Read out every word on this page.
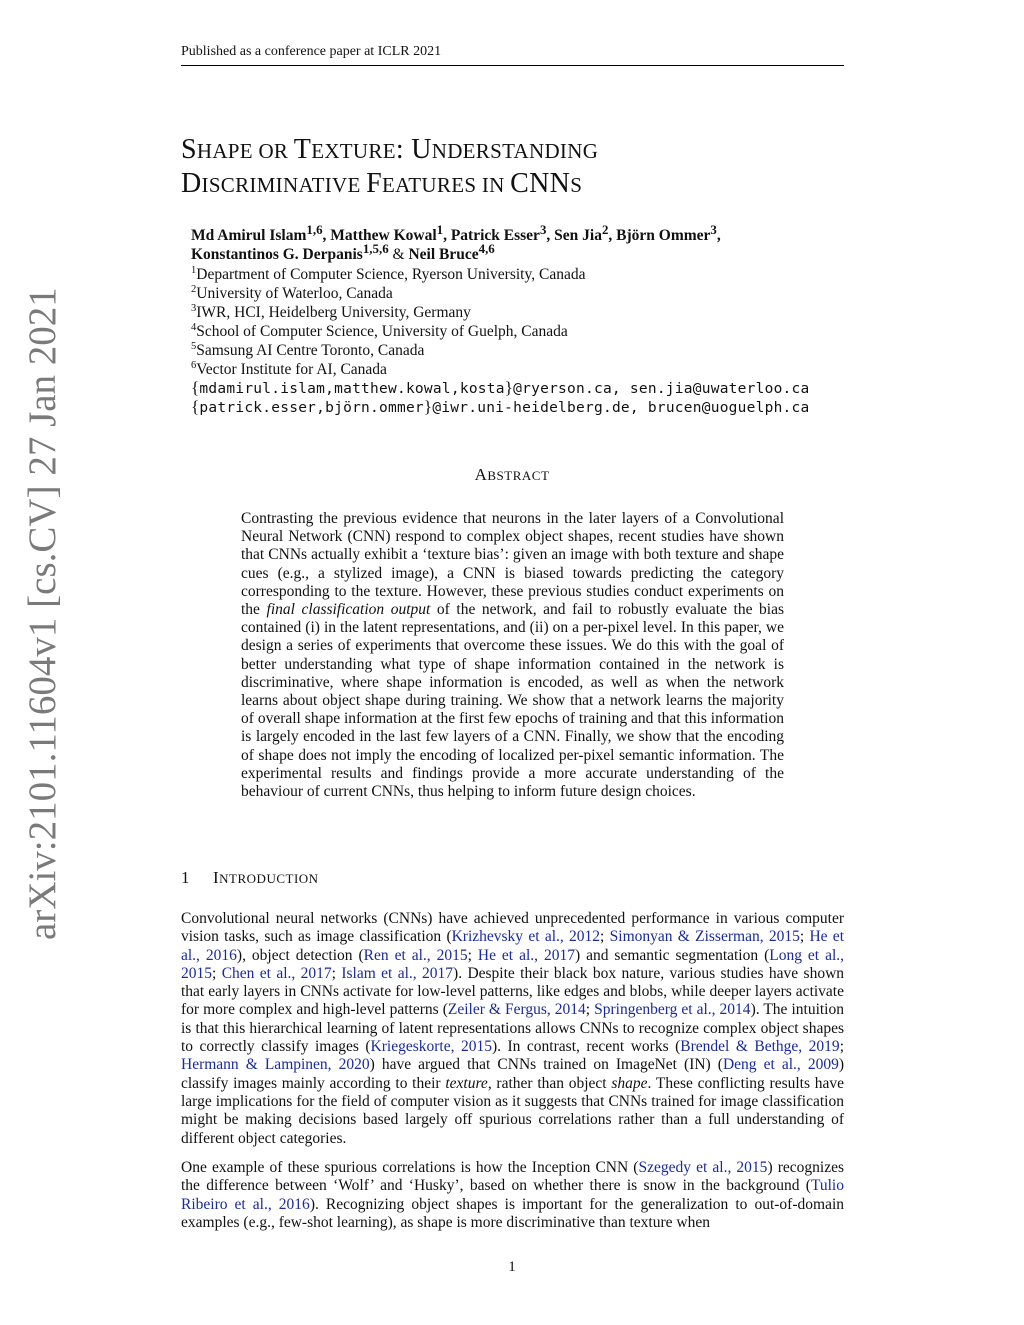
Published as a conference paper at ICLR 2021
arXiv:2101.11604v1 [cs.CV] 27 Jan 2021
SHAPE OR TEXTURE: UNDERSTANDING
DISCRIMINATIVE FEATURES IN CNNS
Md Amirul Islam$^{1,6}$, Matthew Kowal$^1$, Patrick Esser$^3$, Sen Jia$^2$, Björn Ommer$^3$,
Konstantinos G. Derpanis$^{1,5,6}$ & Neil Bruce$^{4,6}$
$^1$Department of Computer Science, Ryerson University, Canada
$^2$University of Waterloo, Canada
$^3$IWR, HCI, Heidelberg University, Germany
$^4$School of Computer Science, University of Guelph, Canada
$^5$Samsung AI Centre Toronto, Canada
$^6$Vector Institute for AI, Canada
{mdamirul.islam,matthew.kowal,kosta}@ryerson.ca, sen.jia@uwaterloo.ca
{patrick.esser,björn.ommer}@iwr.uni-heidelberg.de, brucen@uoguelph.ca
ABSTRACT
Contrasting the previous evidence that neurons in the later layers of a Convolutional Neural Network (CNN) respond to complex object shapes, recent studies have shown that CNNs actually exhibit a ‘texture bias’: given an image with both texture and shape cues (e.g., a stylized image), a CNN is biased towards predicting the category corresponding to the texture. However, these previous studies conduct experiments on the final classification output of the network, and fail to robustly evaluate the bias contained (i) in the latent representations, and (ii) on a per-pixel level. In this paper, we design a series of experiments that overcome these issues. We do this with the goal of better understanding what type of shape information contained in the network is discriminative, where shape information is encoded, as well as when the network learns about object shape during training. We show that a network learns the majority of overall shape information at the first few epochs of training and that this information is largely encoded in the last few layers of a CNN. Finally, we show that the encoding of shape does not imply the encoding of localized per-pixel semantic information. The experimental results and findings provide a more accurate understanding of the behaviour of current CNNs, thus helping to inform future design choices.
1 INTRODUCTION
Convolutional neural networks (CNNs) have achieved unprecedented performance in various computer vision tasks, such as image classification (Krizhevsky et al., 2012; Simonyan & Zisserman, 2015; He et al., 2016), object detection (Ren et al., 2015; He et al., 2017) and semantic segmentation (Long et al., 2015; Chen et al., 2017; Islam et al., 2017). Despite their black box nature, various studies have shown that early layers in CNNs activate for low-level patterns, like edges and blobs, while deeper layers activate for more complex and high-level patterns (Zeiler & Fergus, 2014; Springenberg et al., 2014). The intuition is that this hierarchical learning of latent representations allows CNNs to recognize complex object shapes to correctly classify images (Kriegeskorte, 2015). In contrast, recent works (Brendel & Bethge, 2019; Hermann & Lampinen, 2020) have argued that CNNs trained on ImageNet (IN) (Deng et al., 2009) classify images mainly according to their texture, rather than object shape. These conflicting results have large implications for the field of computer vision as it suggests that CNNs trained for image classification might be making decisions based largely off spurious correlations rather than a full understanding of different object categories.
One example of these spurious correlations is how the Inception CNN (Szegedy et al., 2015) recognizes the difference between ‘Wolf’ and ‘Husky’, based on whether there is snow in the background (Tulio Ribeiro et al., 2016). Recognizing object shapes is important for the generalization to out-of-domain examples (e.g., few-shot learning), as shape is more discriminative than texture when
1
